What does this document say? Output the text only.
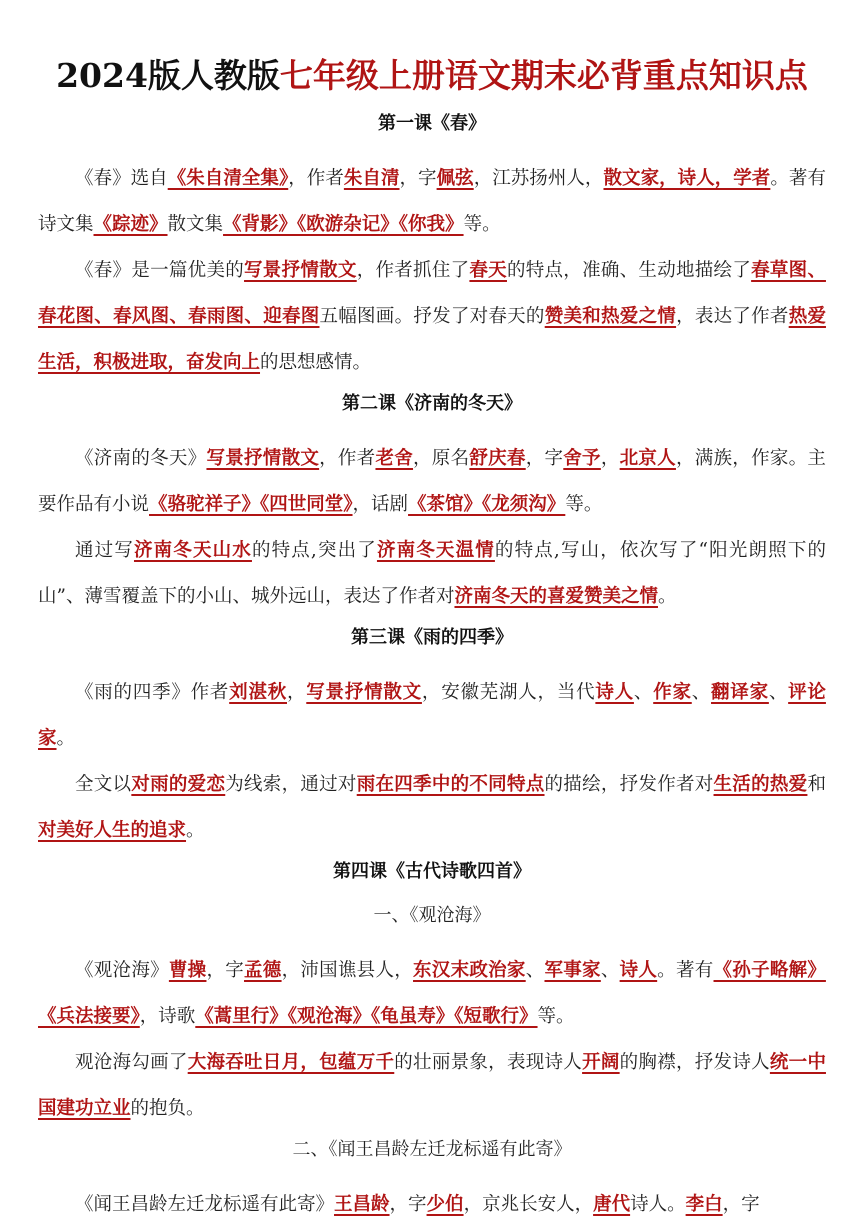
2024版人教版七年级上册语文期末必背重点知识点
第一课《春》

《春》选自《朱自清全集》，作者朱自清，字佩弦，江苏扬州人，散文家，诗人，学者。著有诗文集《踪迹》散文集《背影》《欧游杂记》《你我》等。

《春》是一篇优美的写景抒情散文，作者抓住了春天的特点，准确、生动地描绘了春草图、春花图、春风图、春雨图、迎春图五幅图画。抒发了对春天的赞美和热爱之情，表达了作者热爱生活，积极进取，奋发向上的思想感情。

第二课《济南的冬天》

《济南的冬天》写景抒情散文，作者老舍，原名舒庆春，字舍予，北京人，满族，作家。主要作品有小说《骆驼祥子》《四世同堂》，话剧《茶馆》《龙须沟》等。

通过写济南冬天山水的特点,突出了济南冬天温情的特点,写山，依次写了“阳光朗照下的山”、薄雪覆盖下的小山、城外远山，表达了作者对济南冬天的喜爱赞美之情。

第三课《雨的四季》

《雨的四季》作者刘湛秋，写景抒情散文，安徽芜湖人，当代诗人、作家、翻译家、评论家。

全文以对雨的爱恋为线索，通过对雨在四季中的不同特点的描绘，抒发作者对生活的热爱和对美好人生的追求。

第四课《古代诗歌四首》
一、《观沧海》

《观沧海》曹操，字孟德，沛国谯县人，东汉末政治家、军事家、诗人。著有《孙子略解》《兵法接要》，诗歌《蒿里行》《观沧海》《龟虽寿》《短歌行》等。

观沧海勾画了大海吞吐日月，包蕴万千的壮丽景象，表现诗人开阔的胸襟，抒发诗人统一中国建功立业的抱负。

二、《闻王昌龄左迁龙标遥有此寄》

《闻王昌龄左迁龙标遥有此寄》王昌龄，字少伯，京兆长安人，唐代诗人。李白，字
